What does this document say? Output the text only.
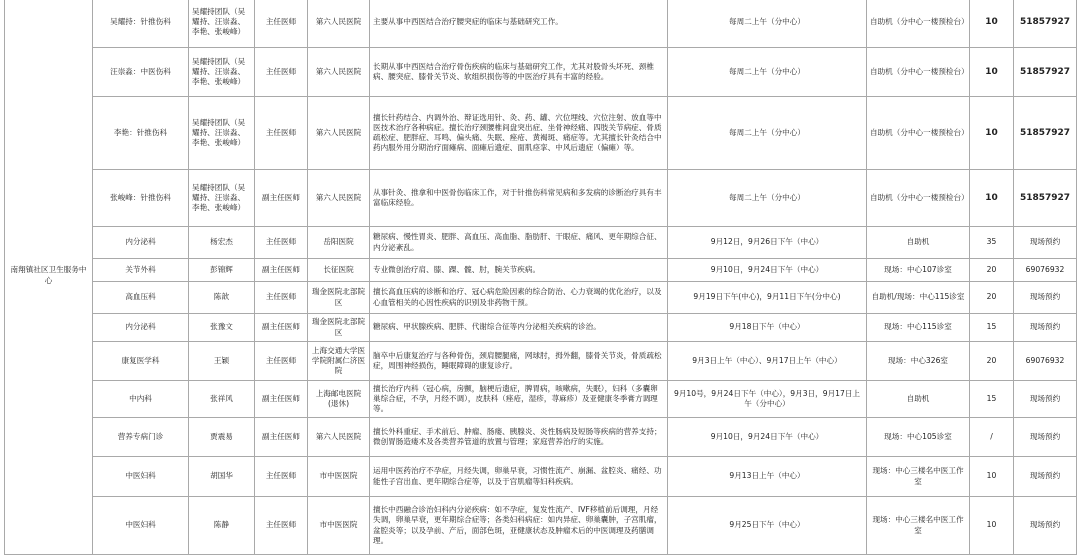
南翔镇社区卫生服务中心	吴耀持：针推伤科	吴耀持团队（吴耀持、汪崇淼、李艳、张峻峰）	主任医师	第六人民医院	主要从事中西医结合治疗腰突症的临床与基础研究工作。	每周二上午（分中心）	自助机（分中心一楼预检台）	10	51857927
	汪崇淼：中医伤科	吴耀持团队（吴耀持、汪崇淼、李艳、张峻峰）	主任医师	第六人民医院	长期从事中西医结合治疗骨伤疾病的临床与基础研究工作，尤其对股骨头坏死、颈椎病、腰突症、膝骨关节炎、软组织损伤等的中医治疗具有丰富的经验。	每周二上午（分中心）	自助机（分中心一楼预检台）	10	51857927
	李艳：针推伤科	吴耀持团队（吴耀持、汪崇淼、李艳、张峻峰）	主任医师	第六人民医院	擅长针药结合、内调外治、辩证选用针、灸、药、罐、穴位埋线、穴位注射、放血等中医技术治疗各种病症。擅长治疗颈腰椎间盘突出症、坐骨神经痛、四肢关节病症、骨质疏松症、肥胖症、耳鸣、偏头痛、失眠、痤疮、黄褐斑、痛症等。尤其擅长针灸结合中药内服外用分期治疗面瘫病、面瘫后遗症、面肌痉挛、中风后遗症（偏瘫）等。	每周二上午（分中心）	自助机（分中心一楼预检台）	10	51857927
	张峻峰：针推伤科	吴耀持团队（吴耀持、汪崇淼、李艳、张峻峰）	副主任医师	第六人民医院	从事针灸、推拿和中医骨伤临床工作，对于针推伤科常见病和多发病的诊断治疗具有丰富临床经验。	每周二上午（分中心）	自助机（分中心一楼预检台）	10	51857927
	内分泌科	杨宏杰	主任医师	岳阳医院	糖尿病、慢性胃炎、肥胖、高血压、高血脂、脂肪肝、干眼症、痛风、更年期综合征、内分泌紊乱。	9月12日，9月26日下午（中心）	自助机	35	现场预约
	关节外科	彭锦辉	副主任医师	长征医院	专业微创治疗肩、膝、踝、髋、肘，腕关节疾病。	9月10日，9月24日下午（中心）	现场：中心107诊室	20	69076932
	高血压科	陈歆	主任医师	瑞金医院北部院区	擅长高血压病的诊断和治疗、冠心病危险因素的综合防治、心力衰竭的优化治疗，以及心血管相关的心因性疾病的识别及非药物干预。	9月19日下午(中心)，9月11日下午(分中心)	自助机/现场：中心115诊室	20	现场预约
	内分泌科	张豫文	副主任医师	瑞金医院北部院区	糖尿病、甲状腺疾病、肥胖、代谢综合征等内分泌相关疾病的诊治。	9月18日下午（中心）	现场：中心115诊室	15	现场预约
	康复医学科	王颖	主任医师	上海交通大学医学院附属仁济医院	脑卒中后康复治疗与各种骨伤，颈肩腰腿痛，网球肘，拇外翻，膝骨关节炎，骨质疏松症，周围神经损伤，睡眠障碍的康复诊疗。	9月3日上午（中心）、9月17日上午（中心）	现场：中心326室	20	69076932
	中内科	张祥风	副主任医师	上海邮电医院(退休)	擅长治疗内科（冠心病，房颤，脑梗后遗症，脾胃病，咳嗽病，失眠），妇科（多囊卵巢综合症，不孕，月经不调），皮肤科（痤疮，湿疹，荨麻疹）及亚健康冬季膏方调理等。	9月10号，9月24日下午（中心），9月3日，9月17日上午（分中心）	自助机	15	现场预约
	营养专病门诊	贾震易	副主任医师	第六人民医院	擅长外科重症、手术前后、肿瘤、肠瘘、胰腺炎、炎性肠病及短肠等疾病的营养支持；微创胃肠造瘘术及各类营养管道的放置与管理；家庭营养治疗的实施。	9月10日，9月24日下午（中心）	现场：中心105诊室	/	现场预约
	中医妇科	胡国华	主任医师	市中医医院	运用中医药治疗不孕症，月经失调，卵巢早衰，习惯性流产、崩漏、盆腔炎、痛经、功能性子宫出血、更年期综合症等，以及于宫肌瘤等妇科疾病。	9月13日上午（中心）	现场：中心三楼名中医工作室	10	现场预约
	中医妇科	陈静	主任医师	市中医医院	擅长中西融合诊治妇科内分泌疾病：如不孕症，复发性流产、IVF移植前后调理，月经失调，卵巢早衰，更年期综合症等；各类妇科病症：如内异症、卵巢囊肿，子宫肌瘤，盆腔炎等；以及孕前、产后，面部色斑，亚健康状态及肿瘤术后的中医调理及药膳调理。	9月25日下午（中心）	现场：中心三楼名中医工作室	10	现场预约
